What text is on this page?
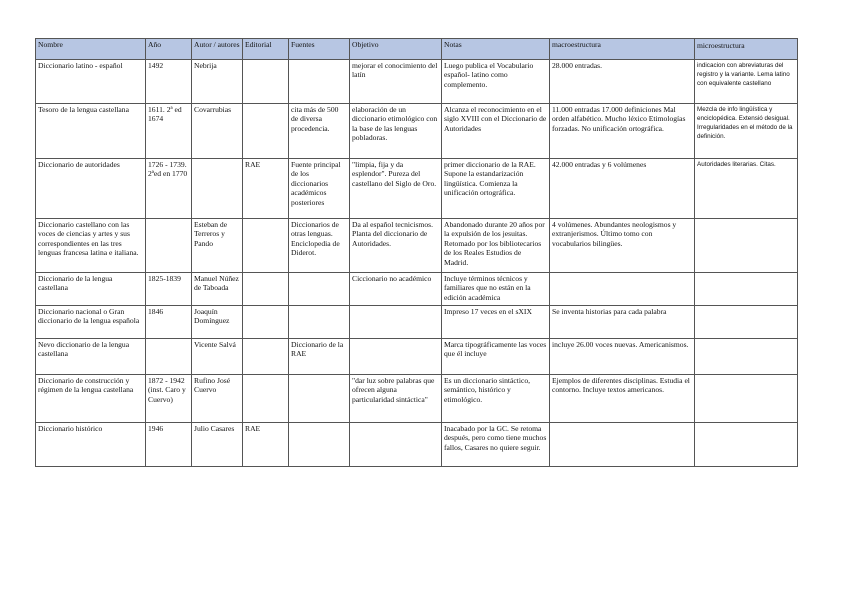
Nombre	Año	Autor / autores	Editorial	Fuentes	Objetivo	Notas	macroestructura	microestructura
Diccionario latino - español	1492	Nebrija			mejorar el conocimiento del latín	Luego publica el Vocabulario español- latino como complemento.	28.000 entradas.	indicacion con abreviaturas del registro y la variante. Lema latino con equivalente castellano
Tesoro de la lengua castellana	1611. 2ª ed 1674	Covarrubias		cita más de 500 de diversa procedencia.	elaboración de un diccionario etimológico con la base de las lenguas pobladoras.	Alcanza el reconocimiento en el siglo XVIII con el Diccionario de Autoridades	11.000 entradas 17.000 definiciones Mal orden alfabético. Mucho léxico Etimologías forzadas. No unificación ortográfica.	Mezcla de info lingüística y enciclopédica. Extensió desigual. Irregularidades en el método de la definición.
Diccionario de autoridades	1726 - 1739. 2ªed en 1770		RAE	Fuente principal de los diccionarios académicos posteriores	"limpia, fija y da esplendor". Pureza del castellano del Siglo de Oro.	primer diccionario de la RAE. Supone la estandarización lingüística. Comienza la unificación ortográfica.	42.000 entradas y 6 volúmenes	Autoridades literarias. Citas.
Diccionario castellano con las voces de ciencias y artes y sus correspondientes en las tres lenguas francesa latina e italiana.		Esteban de Terreros y Pando		Diccionarios de otras lenguas. Enciclopedia de Diderot.	Da al español tecnicismos. Planta del diccionario de Autoridades.	Abandonado durante 20 años por la expulsión de los jesuitas. Retomado por los bibliotecarios de los Reales Estudios de Madrid.	4 volúmenes. Abundantes neologismos y extranjerismos. Último tomo con vocabularios bilingües.	
Diccionario de la lengua castellana	1825-1839	Manuel Núñez de Taboada			Ciccionario no académico	Incluye términos técnicos y familiares que no están en la edición académica		
Diccionario nacional o Gran diccionario de la lengua española	1846	Joaquín Domínguez				Impreso 17 veces en el sXIX	Se inventa historias para cada palabra	
Nevo diccionario de la lengua castellana		Vicente Salvá		Diccionario de la RAE		Marca tipográficamente las voces que él incluye	incluye 26.00 voces nuevas. Americanismos.	
Diccionario de construcción y régimen de la lengua castellana	1872 - 1942 (inst. Caro y Cuervo)	Rufino José Cuervo			"dar luz sobre palabras que ofrecen alguna particularidad sintáctica"	Es un diccionario sintáctico, semántico, histórico y etimológico.	Ejemplos de diferentes disciplinas. Estudia el contorno. Incluye textos americanos.	
Diccionario histórico	1946	Julio Casares	RAE			Inacabado por la GC. Se retoma después, pero como tiene muchos fallos, Casares no quiere seguir.		
